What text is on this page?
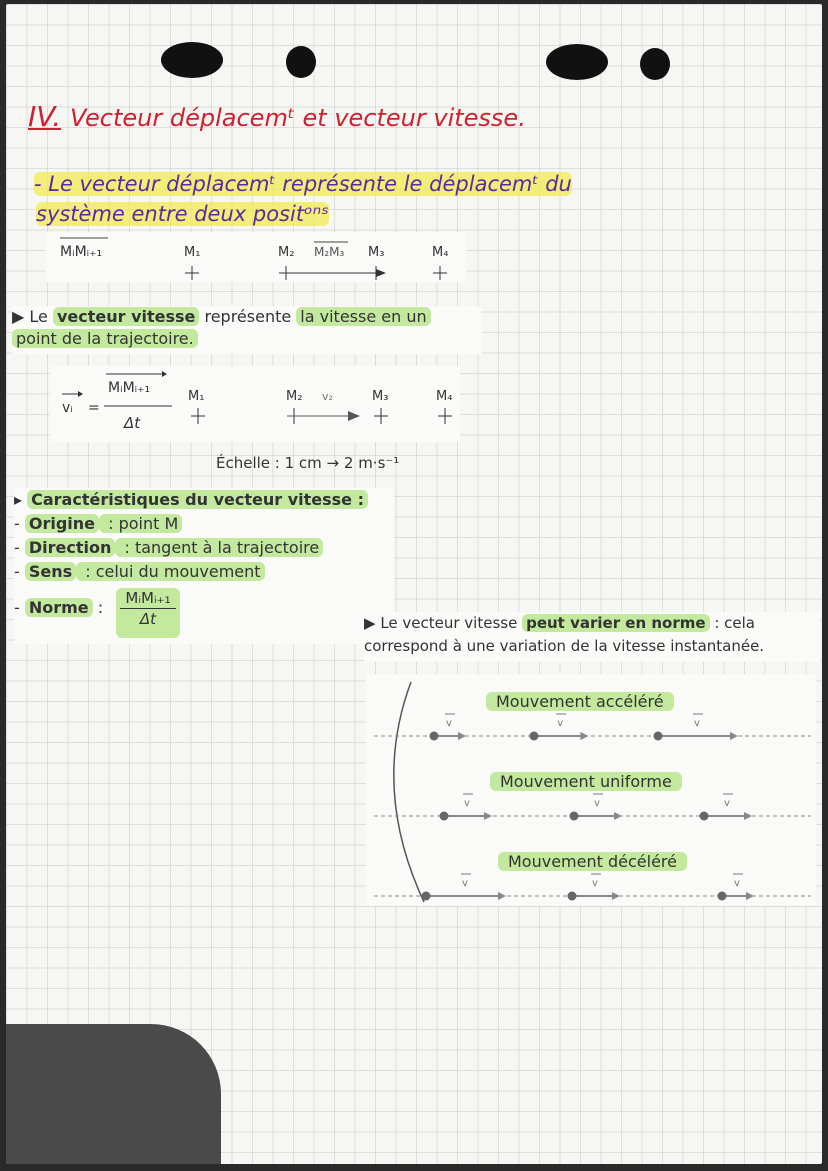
IV. Vecteur déplacemᵗ et vecteur vitesse.
- Le vecteur déplacemᵗ représente le déplacemᵗ du
système entre deux positᵒⁿˢ
MᵢMᵢ₊₁	M₁	M₂ M₂M₃ M₃	M₄
▶ Le vecteur vitesse représente la vitesse en un
point de la trajectoire.
vᵢ =
MᵢMᵢ₊₁
Δt
M₁	M₂ v₂	M₃	M₄
Échelle : 1 cm → 2 m·s⁻¹
▸ Caractéristiques du vecteur vitesse :
- Origine : point M
- Direction : tangent à la trajectoire
- Sens : celui du mouvement
- Norme :	MᵢMᵢ₊₁
Δt	▶ Le vecteur vitesse peut varier en norme : cela
correspond à une variation de la vitesse instantanée.
v	v	v
v	v	v
v	v	v
Mouvement accéléré
Mouvement uniforme
Mouvement décéléré
